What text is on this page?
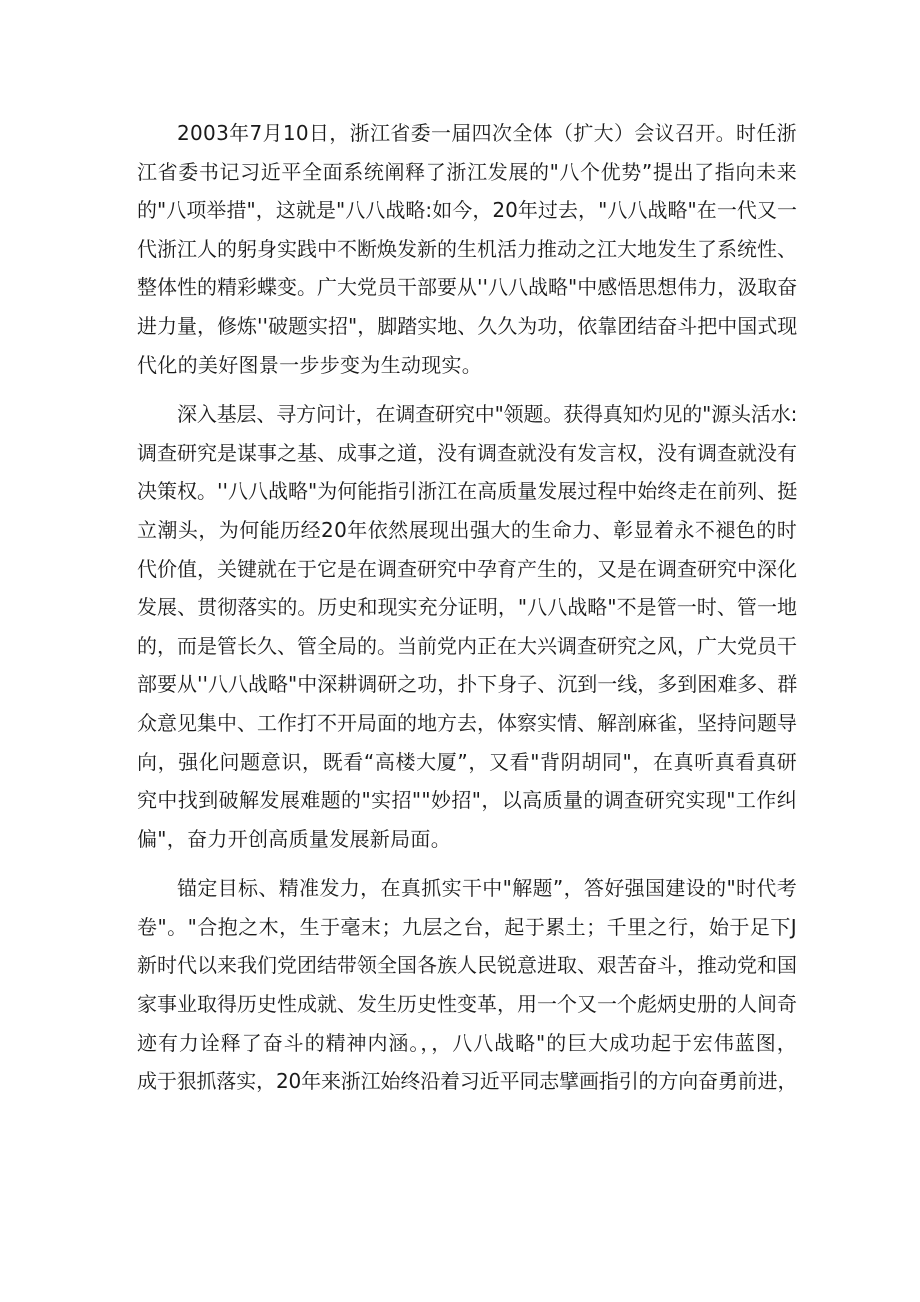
2003年7月10日，浙江省委一届四次全体（扩大）会议召开。时任浙
江省委书记习近平全面系统阐释了浙江发展的"八个优势”提出了指向未来
的"八项举措"，这就是"八八战略:如今，20年过去，"八八战略"在一代又一
代浙江人的躬身实践中不断焕发新的生机活力推动之江大地发生了系统性、
整体性的精彩蝶变。广大党员干部要从''八八战略"中感悟思想伟力，汲取奋
进力量，修炼''破题实招"，脚踏实地、久久为功，依靠团结奋斗把中国式现
代化的美好图景一步步变为生动现实。

深入基层、寻方问计，在调查研究中"领题。获得真知灼见的"源头活水:
调查研究是谋事之基、成事之道，没有调查就没有发言权，没有调查就没有
决策权。''八八战略"为何能指引浙江在高质量发展过程中始终走在前列、挺
立潮头，为何能历经20年依然展现出强大的生命力、彰显着永不褪色的时
代价值，关键就在于它是在调查研究中孕育产生的，又是在调查研究中深化
发展、贯彻落实的。历史和现实充分证明，"八八战略"不是管一时、管一地
的，而是管长久、管全局的。当前党内正在大兴调查研究之风，广大党员干
部要从''八八战略"中深耕调研之功，扑下身子、沉到一线，多到困难多、群
众意见集中、工作打不开局面的地方去，体察实情、解剖麻雀，坚持问题导
向，强化问题意识，既看“高楼大厦”，又看"背阴胡同"，在真听真看真研
究中找到破解发展难题的"实招""妙招"，以高质量的调查研究实现"工作纠
偏"，奋力开创高质量发展新局面。

锚定目标、精准发力，在真抓实干中"解题”，答好强国建设的"时代考
卷"。"合抱之木，生于毫末；九层之台，起于累土；千里之行，始于足下J
新时代以来我们党团结带领全国各族人民锐意进取、艰苦奋斗，推动党和国
家事业取得历史性成就、发生历史性变革，用一个又一个彪炳史册的人间奇
迹有力诠释了奋斗的精神内涵。，，八八战略"的巨大成功起于宏伟蓝图，
成于狠抓落实，20年来浙江始终沿着习近平同志擘画指引的方向奋勇前进，
